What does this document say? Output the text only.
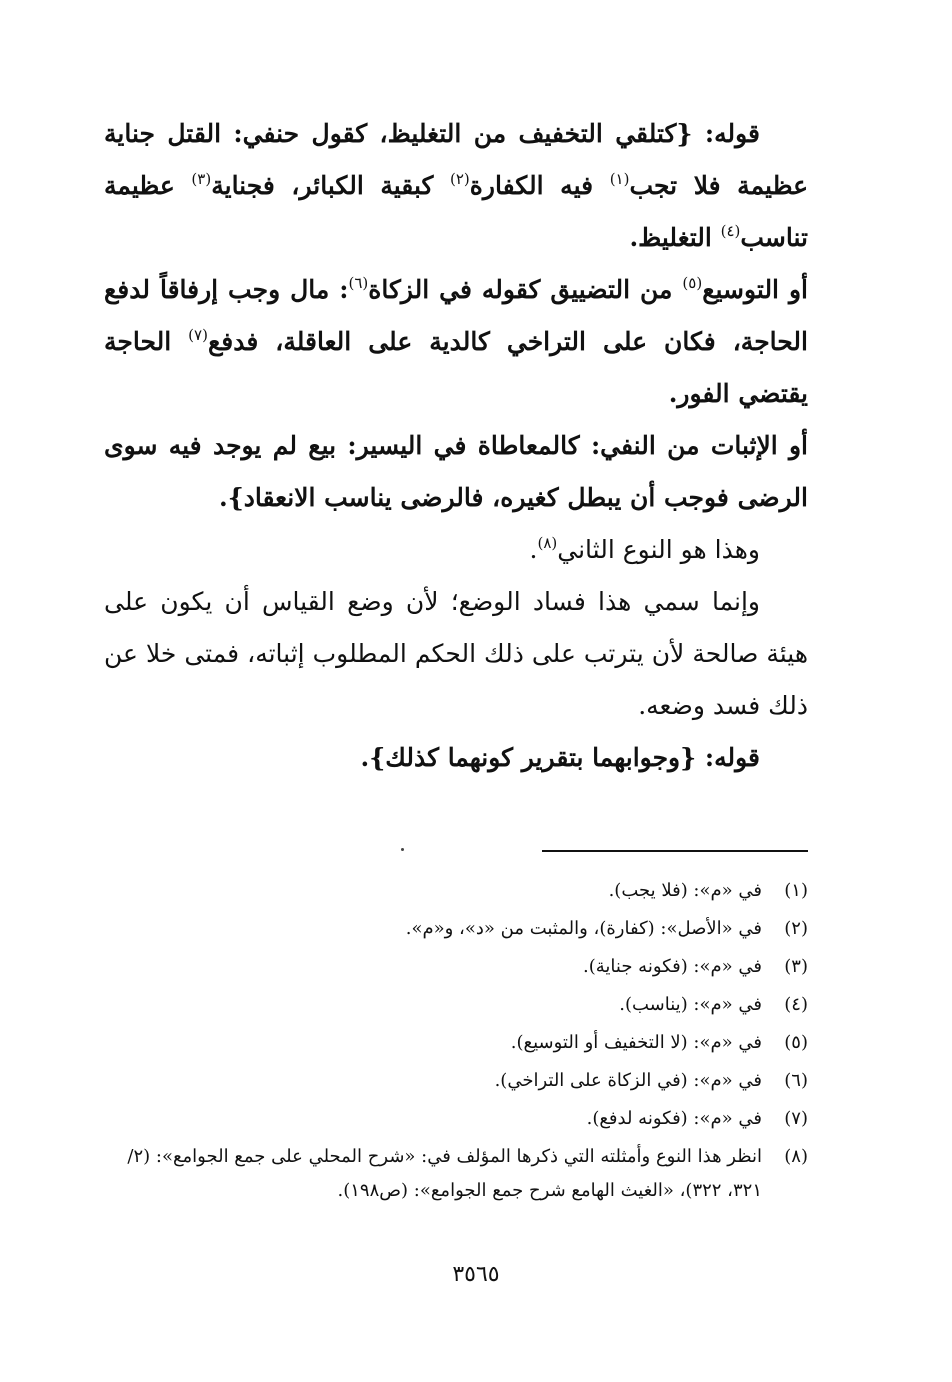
قوله: {كتلقي التخفيف من التغليظ، كقول حنفي: القتل جناية عظيمة فلا تجب$^{(١)}$ فيه الكفارة$^{(٢)}$ كبقية الكبائر، فجناية$^{(٣)}$ عظيمة تناسب$^{(٤)}$ التغليظ.

أو التوسيع$^{(٥)}$ من التضييق كقوله في الزكاة$^{(٦)}$: مال وجب إرفاقاً لدفع الحاجة، فكان على التراخي كالدية على العاقلة، فدفع$^{(٧)}$ الحاجة يقتضي الفور.

أو الإثبات من النفي: كالمعاطاة في اليسير: بيع لم يوجد فيه سوى الرضى فوجب أن يبطل كغيره، فالرضى يناسب الانعقاد}.

وهذا هو النوع الثاني$^{(٨)}$.

وإنما سمي هذا فساد الوضع؛ لأن وضع القياس أن يكون على هيئة صالحة لأن يترتب على ذلك الحكم المطلوب إثباته، فمتى خلا عن ذلك فسد وضعه.

قوله: {وجوابهما بتقرير كونهما كذلك}.

(١)
في «م»: (فلا يجب).
(٢)
في «الأصل»: (كفارة)، والمثبت من «د»، و«م».
(٣)
في «م»: (فكونه جناية).
(٤)
في «م»: (يناسب).
(٥)
في «م»: (لا التخفيف أو التوسيع).
(٦)
في «م»: (في الزكاة على التراخي).
(٧)
في «م»: (فكونه لدفع).
(٨)
انظر هذا النوع وأمثلته التي ذكرها المؤلف في: «شرح المحلي على جمع الجوامع»: (٢/ ٣٢١، ٣٢٢)، «الغيث الهامع شرح جمع الجوامع»: (ص١٩٨).
٣٥٦٥
